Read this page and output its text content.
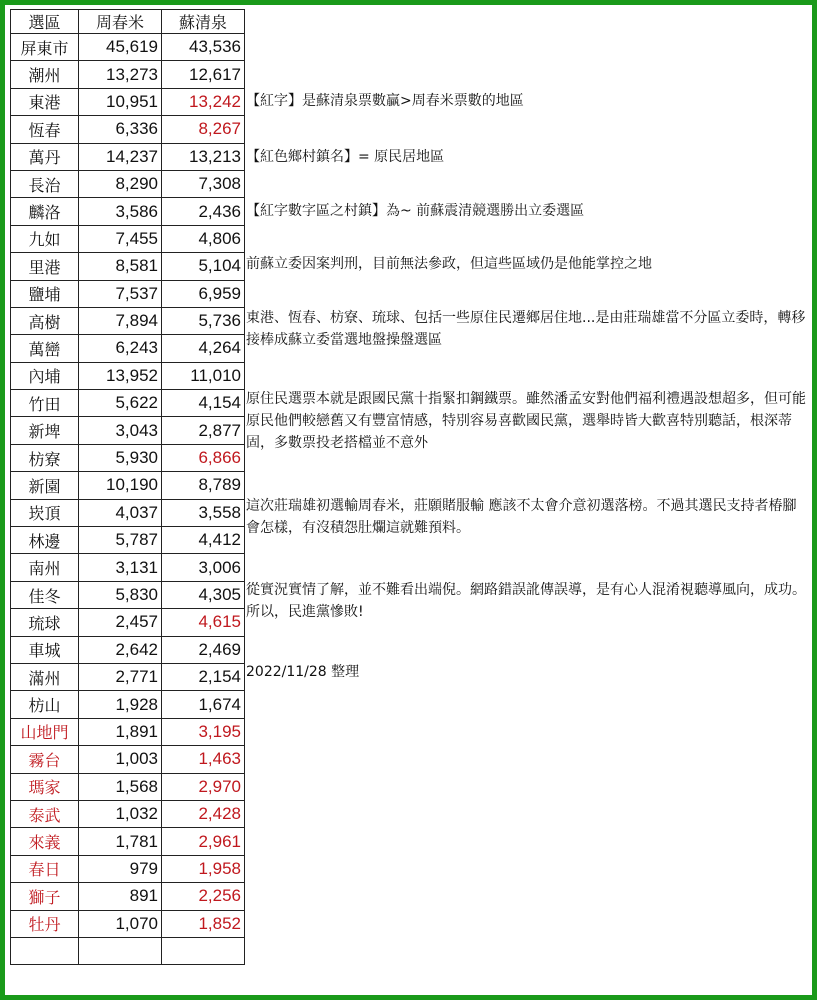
選區	周春米	蘇清泉
屏東市	45,619	43,536
潮州	13,273	12,617
東港	10,951	13,242
恆春	6,336	8,267
萬丹	14,237	13,213
長治	8,290	7,308
麟洛	3,586	2,436
九如	7,455	4,806
里港	8,581	5,104
鹽埔	7,537	6,959
高樹	7,894	5,736
萬巒	6,243	4,264
內埔	13,952	11,010
竹田	5,622	4,154
新埤	3,043	2,877
枋寮	5,930	6,866
新園	10,190	8,789
崁頂	4,037	3,558
林邊	5,787	4,412
南州	3,131	3,006
佳冬	5,830	4,305
琉球	2,457	4,615
車城	2,642	2,469
滿州	2,771	2,154
枋山	1,928	1,674
山地門	1,891	3,195
霧台	1,003	1,463
瑪家	1,568	2,970
泰武	1,032	2,428
來義	1,781	2,961
春日	979	1,958
獅子	891	2,256
牡丹	1,070	1,852

【紅字】是蘇清泉票數贏>周春米票數的地區

【紅色鄉村鎮名】= 原民居地區

【紅字數字區之村鎮】為~ 前蘇震清競選勝出立委選區

前蘇立委因案判刑，目前無法參政，但這些區域仍是他能掌控之地

東港、恆春、枋寮、琉球、包括一些原住民遷鄉居住地...是由莊瑞雄當不分區立委時，轉移接棒成蘇立委當選地盤操盤選區

原住民選票本就是跟國民黨十指緊扣鋼鐵票。雖然潘孟安對他們福利禮遇設想超多，但可能原民他們較戀舊又有豐富情感，特別容易喜歡國民黨，選舉時皆大歡喜特別聽話，根深蒂固，多數票投老搭檔並不意外

這次莊瑞雄初選輸周春米，莊願賭服輸 應該不太會介意初選落榜。不過其選民支持者椿腳會怎樣，有沒積怨肚爛這就難預料。

從實況實情了解，並不難看出端倪。網路錯誤訛傳誤導，是有心人混淆視聽導風向，成功。所以，民進黨慘敗!

2022/11/28 整理
